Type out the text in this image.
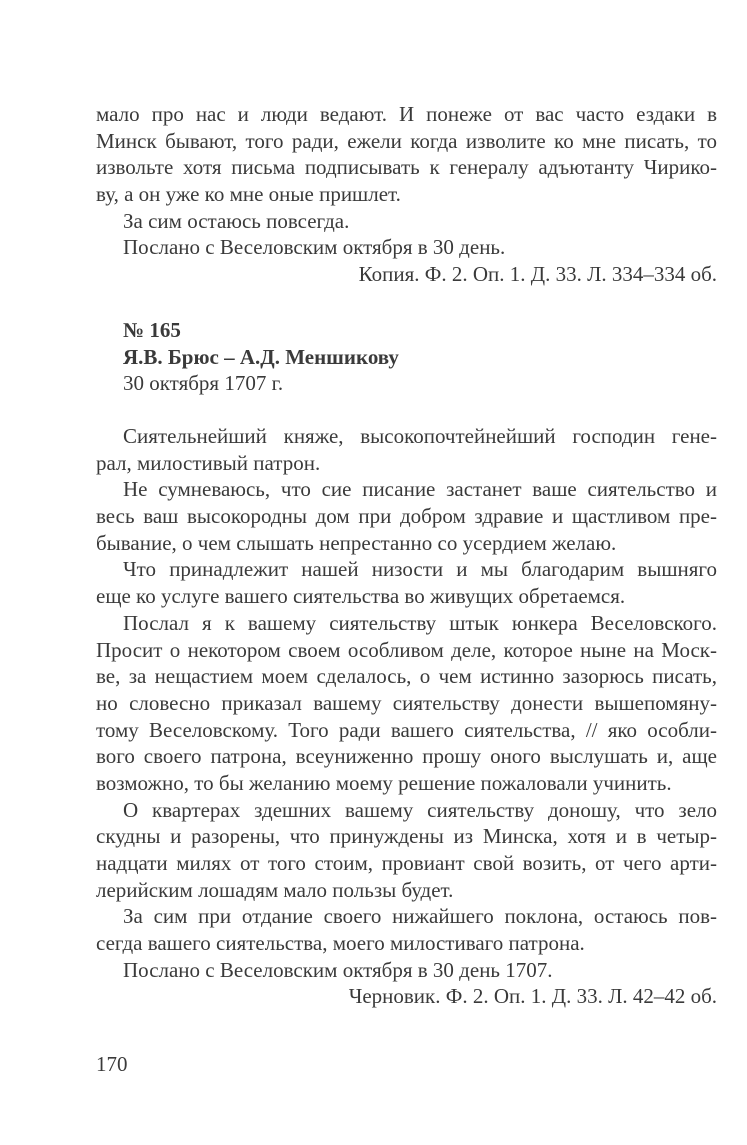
мало про нас и люди ведают. И понеже от вас часто ездаки в
Минск бывают, того ради, ежели когда изволите ко мне писать, то
извольте хотя письма подписывать к генералу адъютанту Чирико-
ву, а он уже ко мне оные пришлет.
За сим остаюсь повсегда.
Послано с Веселовским октября в 30 день.
Копия. Ф. 2. Оп. 1. Д. 33. Л. 334–334 об.
№ 165
Я.В. Брюс – А.Д. Меншикову
30 октября 1707 г.
Сиятельнейший княже, высокопочтейнейший господин гене-
рал, милостивый патрон.
Не сумневаюсь, что сие писание застанет ваше сиятельство и
весь ваш высокородны дом при добром здравие и щастливом пре-
бывание, о чем слышать непрестанно со усердием желаю.
Что принадлежит нашей низости и мы благодарим вышняго
еще ко услуге вашего сиятельства во живущих обретаемся.
Послал я к вашему сиятельству штык юнкера Веселовского.
Просит о некотором своем особливом деле, которое ныне на Моск-
ве, за нещастием моем сделалось, о чем истинно зазорюсь писать,
но словесно приказал вашему сиятельству донести вышепомяну-
тому Веселовскому. Того ради вашего сиятельства, // яко особли-
вого своего патрона, всеуниженно прошу оного выслушать и, аще
возможно, то бы желанию моему решение пожаловали учинить.
О квартерах здешних вашему сиятельству доношу, что зело
скудны и разорены, что принуждены из Минска, хотя и в четыр-
надцати милях от того стоим, провиант свой возить, от чего арти-
лерийским лошадям мало пользы будет.
За сим при отдание своего нижайшего поклона, остаюсь пов-
сегда вашего сиятельства, моего милостиваго патрона.
Послано с Веселовским октября в 30 день 1707.
Черновик. Ф. 2. Оп. 1. Д. 33. Л. 42–42 об.
170
